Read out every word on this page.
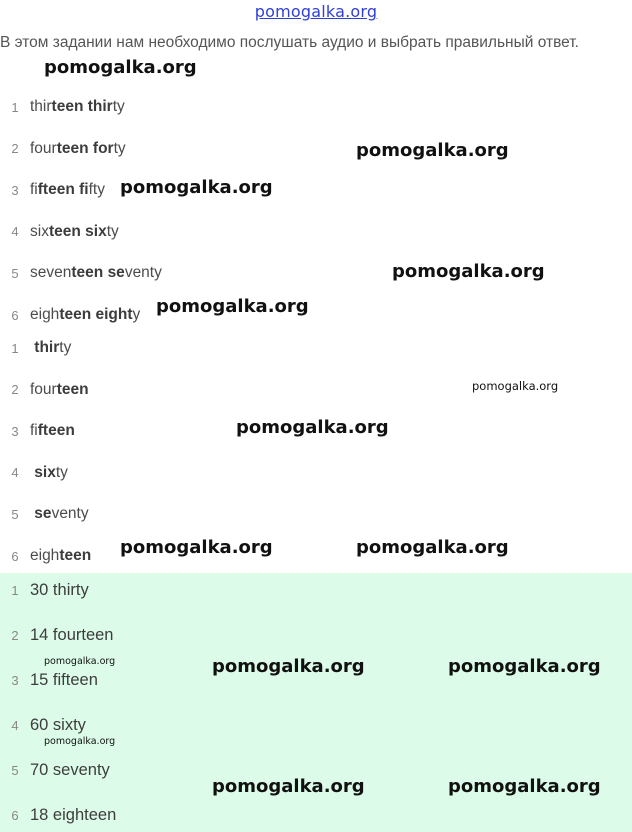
pomogalka.org
В этом задании нам необходимо послушать аудио и выбрать правильный ответ.
1 thirteen thirty
2 fourteen forty
3 fifteen fifty
4 sixteen sixty
5 seventeen seventy
6 eighteen eighty
1 thirty
2 fourteen
3 fifteen
4 sixty
5 seventy
6 eighteen
1 30 thirty
2 14 fourteen
3 15 fifteen
4 60 sixty
5 70 seventy
6 18 eighteen
pomogalka.org
pomogalka.org
pomogalka.org
pomogalka.org
pomogalka.org
pomogalka.org
pomogalka.org
pomogalka.org	pomogalka.org
pomogalka.org	pomogalka.org	pomogalka.org
pomogalka.org
pomogalka.org	pomogalka.org
